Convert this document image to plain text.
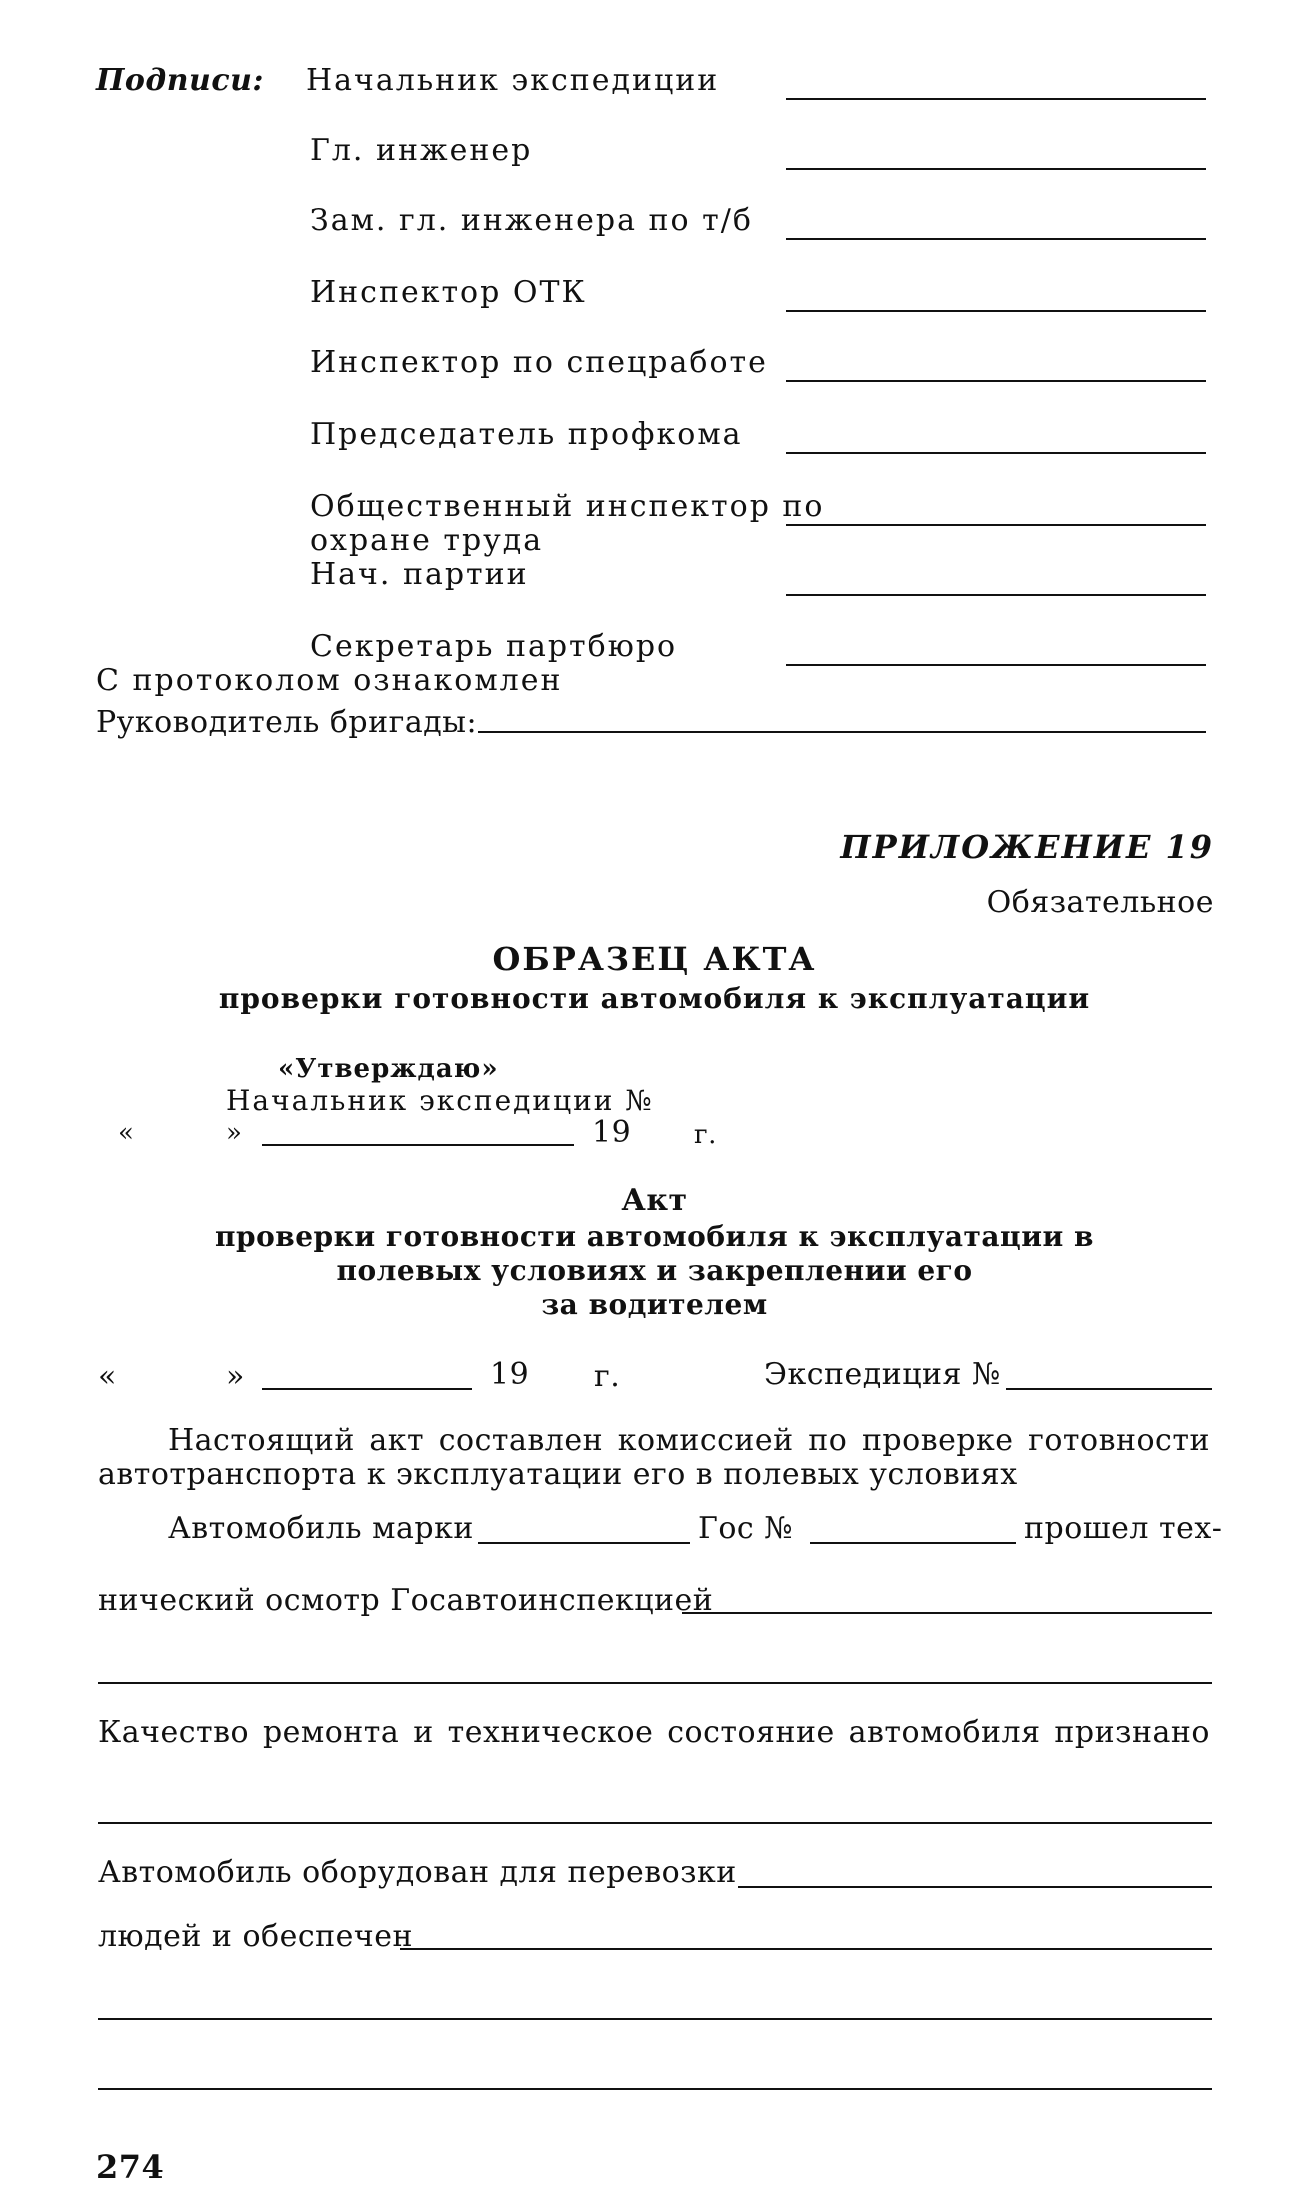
Подписи: Начальник экспедиции
Гл. инженер
Зам. гл. инженера по т/б
Инспектор ОТК
Инспектор по спецработе
Председатель профкома
Общественный инспектор по
охране труда
Нач. партии
Секретарь партбюро
С протоколом ознакомлен
Руководитель бригады:
ПРИЛОЖЕНИЕ 19
Обязательное
ОБРАЗЕЦ АКТА
проверки готовности автомобиля к эксплуатации
«Утверждаю»
Начальник экспедиции №
«	»	19 г.
Акт
проверки готовности автомобиля к эксплуатации в
полевых условиях и закреплении его
за водителем
«	»	19 г.	Экспедиция №
Настоящий акт составлен комиссией по проверке готовности
автотранспорта к эксплуатации его в полевых условиях
Автомобиль марки	Гос №	прошел тех-
нический осмотр Госавтоинспекцией
Качество ремонта и техническое состояние автомобиля признано
Автомобиль оборудован для перевозки
людей и обеспечен
274
